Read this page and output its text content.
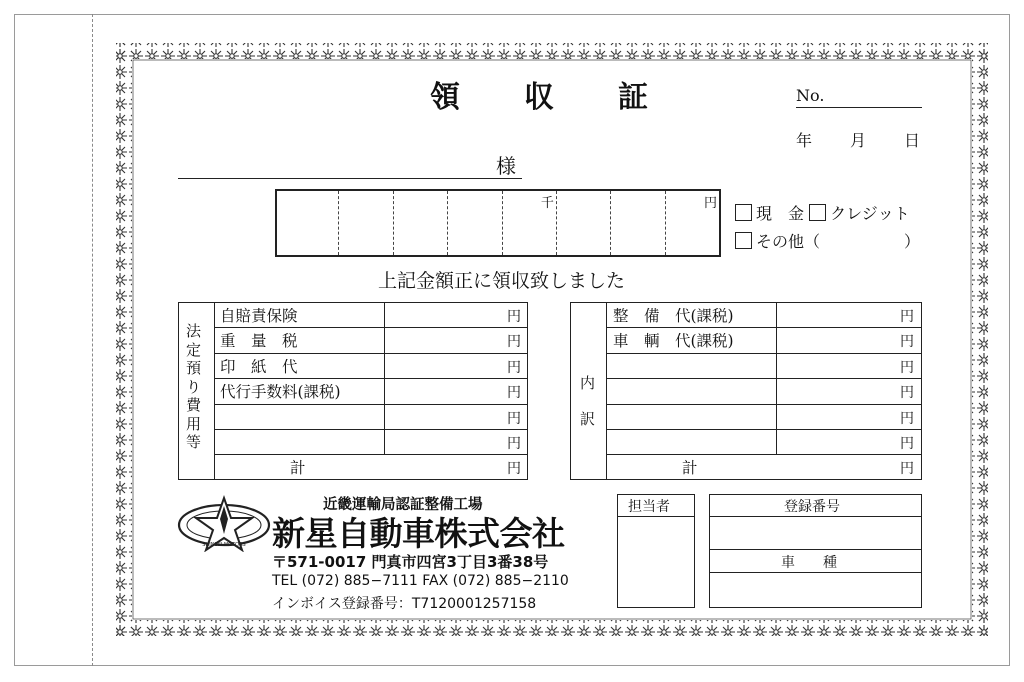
領 収 証	No.
年 月 日
様
千	円
現　金 クレジット
その他（	）
上記金額正に領収致しました
自賠責保険	円
重　量　税	円
印　紙　代	円
代行手数料(課税)	円
円
円
計	円
法
定
預
り
費
用
等
整　備　代(課税)	円
車　輌　代(課税)	円
円
円
円
円
計	円
内
訳
SHINSEI MOTORS
近畿運輸局認証整備工場
新星自動車株式会社
〒571-0017 門真市四宮3丁目3番38号
TEL (072) 885−7111 FAX (072) 885−2110
インボイス登録番号：T7120001257158
担当者	登録番号
車　　種
